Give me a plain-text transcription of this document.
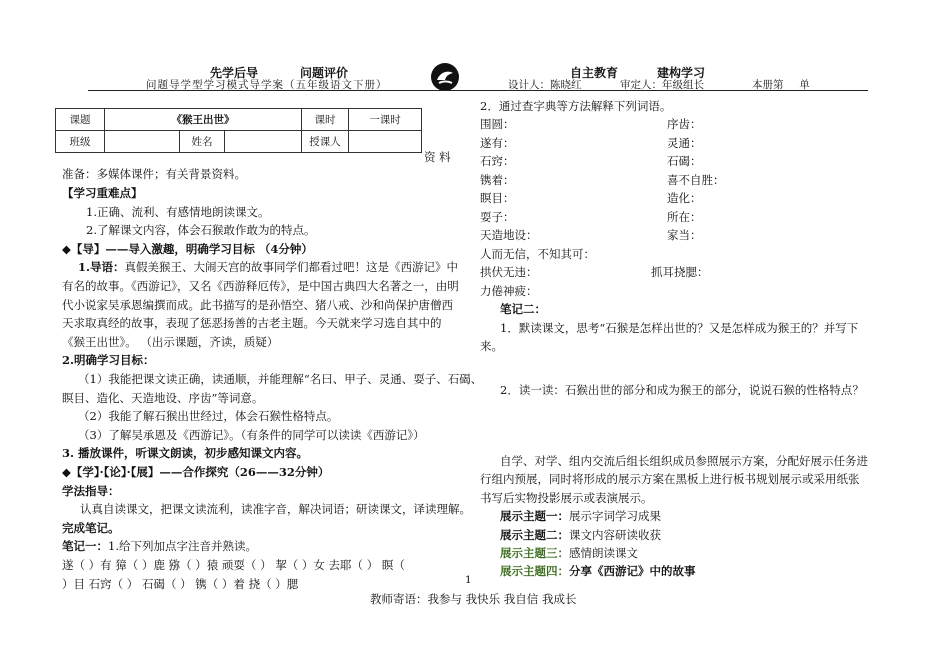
先学后导	问题评价
问题导学型学习模式导学案（五年级语文下册）
自主教育	建构学习
设计人：陈晓红	审定人：年级组长	本册第___单
课题	《猴王出世》			课时	一课时
班级		姓名		授课人	
资 料
准备：多媒体课件；有关背景资料。
【学习重难点】
1.正确、流利、有感情地朗读课文。
2.了解课文内容，体会石猴敢作敢为的特点。
◆【导】——导入激趣，明确学习目标 （4分钟）
1.导语：真假美猴王、大闹天宫的故事同学们都看过吧！这是《西游记》中
有名的故事。《西游记》，又名《西游释厄传》，是中国古典四大名著之一，由明
代小说家吴承恩编撰而成。此书描写的是孙悟空、猪八戒、沙和尚保护唐僧西
天求取真经的故事，表现了惩恶扬善的古老主题。今天就来学习选自其中的
《猴王出世》。 （出示课题，齐读，质疑）
2.明确学习目标：
（1）我能把课文读正确，读通顺，并能理解“名曰、甲子、灵通、耍子、石碣、
瞑目、造化、天造地设、序齿”等词意。
（2）我能了解石猴出世经过，体会石猴性格特点。
（3）了解吴承恩及《西游记》。（有条件的同学可以读读《西游记》）
3. 播放课件，听课文朗读，初步感知课文内容。
◆【学】·【论】·【展】——合作探究（26——32分钟）
学法指导：
认真自读课文，把课文读流利，读准字音，解决词语；研读课文，译读理解。
完成笔记。
笔记一：1.给下列加点字注音并熟读。
遂（ ）有 獐（ ）鹿 猕（ ）猿 顽耍（ ） 挈（ ）女 去耶（ ） 瞑（
）目 石窍（ ） 石碣（ ） 镌（ ）着 挠（ ）腮
2．通过查字典等方法解释下列词语。
围圆：	序齿：
遂有：	灵通：
石窍：	石碣：
镌着：	喜不自胜：
瞑目：	造化：
耍子：	所在：
天造地设：	家当：
人而无信，不知其可：
拱伏无违：	抓耳挠腮：
力倦神疲：
笔记二：
1．默读课文，思考“石猴是怎样出世的？又是怎样成为猴王的？并写下
来。
2．读一读：石猴出世的部分和成为猴王的部分，说说石猴的性格特点？
自学、对学、组内交流后组长组织成员参照展示方案，分配好展示任务进
行组内预展，同时将形成的展示方案在黑板上进行板书规划展示或采用纸张
书写后实物投影展示或表演展示。
展示主题一：展示字词学习成果
展示主题二：课文内容研读收获
展示主题三：感情朗读课文
展示主题四：分享《西游记》中的故事
1
教师寄语：我参与 我快乐 我自信 我成长
